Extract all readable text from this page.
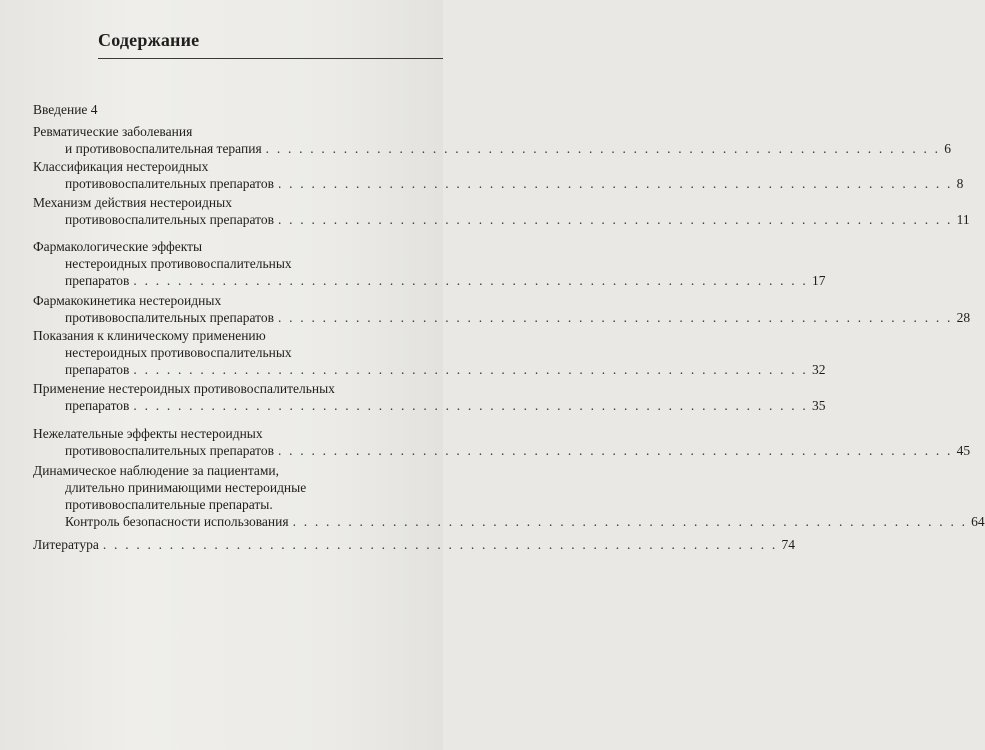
Содержание
Введение 4
Ревматические заболевания
и противовоспалительная терапия . . . . . . . . . . . . . . . . . . . . . . . . . . . . . . . . . . . . . . . . . . . . . . . . . . . . . . . . . . . . . 6
Классификация нестероидных
противовоспалительных препаратов . . . . . . . . . . . . . . . . . . . . . . . . . . . . . . . . . . . . . . . . . . . . . . . . . . . . . . . . . . . . . 8
Механизм действия нестероидных
противовоспалительных препаратов . . . . . . . . . . . . . . . . . . . . . . . . . . . . . . . . . . . . . . . . . . . . . . . . . . . . . . . . . . . . . 11
Фармакологические эффекты
нестероидных противовоспалительных
препаратов . . . . . . . . . . . . . . . . . . . . . . . . . . . . . . . . . . . . . . . . . . . . . . . . . . . . . . . . . . . . . 17
Фармакокинетика нестероидных
противовоспалительных препаратов . . . . . . . . . . . . . . . . . . . . . . . . . . . . . . . . . . . . . . . . . . . . . . . . . . . . . . . . . . . . . 28
Показания к клиническому применению
нестероидных противовоспалительных
препаратов . . . . . . . . . . . . . . . . . . . . . . . . . . . . . . . . . . . . . . . . . . . . . . . . . . . . . . . . . . . . . 32
Применение нестероидных противовоспалительных
препаратов . . . . . . . . . . . . . . . . . . . . . . . . . . . . . . . . . . . . . . . . . . . . . . . . . . . . . . . . . . . . . 35
Нежелательные эффекты нестероидных
противовоспалительных препаратов . . . . . . . . . . . . . . . . . . . . . . . . . . . . . . . . . . . . . . . . . . . . . . . . . . . . . . . . . . . . . 45
Динамическое наблюдение за пациентами,
длительно принимающими нестероидные
противовоспалительные препараты.
Контроль безопасности использования . . . . . . . . . . . . . . . . . . . . . . . . . . . . . . . . . . . . . . . . . . . . . . . . . . . . . . . . . . . . . 64
Литература . . . . . . . . . . . . . . . . . . . . . . . . . . . . . . . . . . . . . . . . . . . . . . . . . . . . . . . . . . . . . 74
